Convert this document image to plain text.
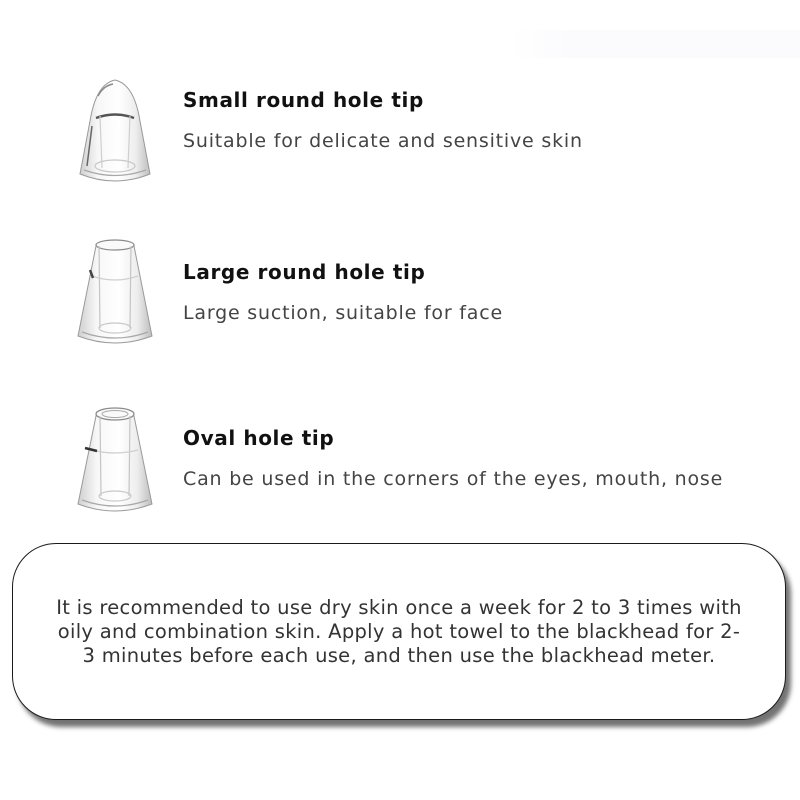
Small round hole tip
Suitable for delicate and sensitive skin
Large round hole tip
Large suction, suitable for face
Oval hole tip
Can be used in the corners of the eyes, mouth, nose
It is recommended to use dry skin once a week for 2 to 3 times with oily and combination skin. Apply a hot towel to the blackhead for 2-3 minutes before each use, and then use the blackhead meter.
